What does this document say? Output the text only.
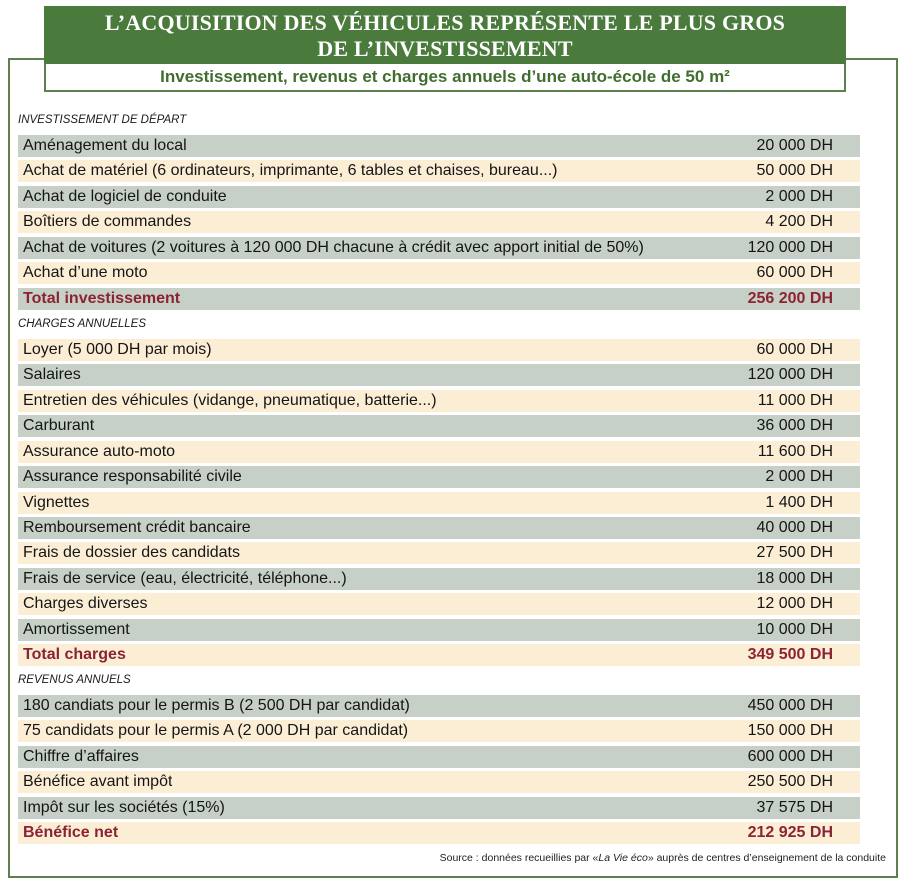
L’ACQUISITION DES VÉHICULES REPRÉSENTE LE PLUS GROS
DE L’INVESTISSEMENT
Investissement, revenus et charges annuels d’une auto-école de 50 m²
INVESTISSEMENT DE DÉPART
Aménagement du local	20 000 DH
Achat de matériel (6 ordinateurs, imprimante, 6 tables et chaises, bureau...)	50 000 DH
Achat de logiciel de conduite	2 000 DH
Boîtiers de commandes	4 200 DH
Achat de voitures (2 voitures à 120 000 DH chacune à crédit avec apport initial de 50%)	120 000 DH
Achat d’une moto	60 000 DH
Total investissement	256 200 DH
CHARGES ANNUELLES
Loyer (5 000 DH par mois)	60 000 DH
Salaires	120 000 DH
Entretien des véhicules (vidange, pneumatique, batterie...)	11 000 DH
Carburant	36 000 DH
Assurance auto-moto	11 600 DH
Assurance responsabilité civile	2 000 DH
Vignettes	1 400 DH
Remboursement crédit bancaire	40 000 DH
Frais de dossier des candidats	27 500 DH
Frais de service (eau, électricité, téléphone...)	18 000 DH
Charges diverses	12 000 DH
Amortissement	10 000 DH
Total charges	349 500 DH
REVENUS ANNUELS
180 candiats pour le permis B (2 500 DH par candidat)	450 000 DH
75 candidats pour le permis A (2 000 DH par candidat)	150 000 DH
Chiffre d’affaires	600 000 DH
Bénéfice avant impôt	250 500 DH
Impôt sur les sociétés (15%)	37 575 DH
Bénéfice net	212 925 DH
Source : données recueillies par «La Vie éco» auprès de centres d’enseignement de la conduite
